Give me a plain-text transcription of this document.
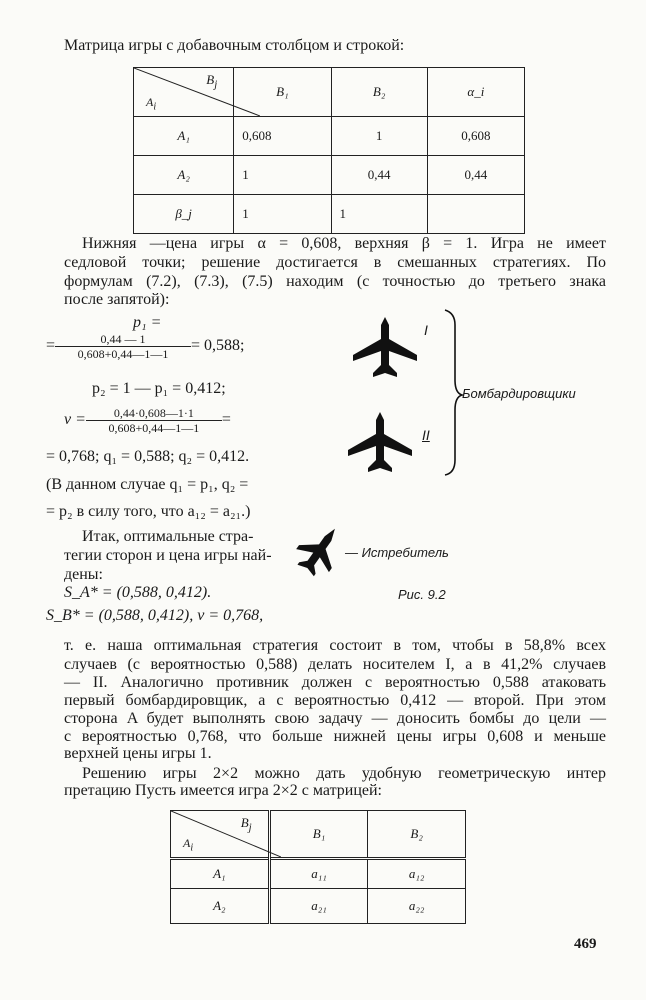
Матрица игры с добавочным столбцом и строкой:
$B_j$
$A_i$	B₁	B₂	α_i
A₁	0,608	1	0,608
A₂	1	0,44	0,44
β_j	1	1	
Нижняя —цена игры α = 0,608, верхняя β = 1. Игра не имеет
седловой точки; решение достигается в смешанных стратегиях. По
формулам (7.2), (7.3), (7.5) находим (с точностью до третьего знака
после запятой):
p₁ =
= $\frac{0,44 — 1}{0,608+0,44—1—1} = 0,588$;
p₂ = 1 — p₁ = 0,412;
$v = \frac{0,44\cdot 0,608—1\cdot 1}{0,608+0,44—1—1}$ =
= 0,768; q₁ = 0,588; q₂ = 0,412.
(В данном случае q₁ = p₁, q₂ =
= p₂ в силу того, что a₁₂ = a₂₁.)
Итак, оптимальные стра-
тегии сторон и цена игры най-
дены:
S_A* = (0,588, 0,412).
S_B* = (0,588, 0,412), v = 0,768,
I
II
Бомбардировщики
— Истребитель
Рис. 9.2
т. е. наша оптимальная стратегия состоит в том, чтобы в 58,8% всех
случаев (с вероятностью 0,588) делать носителем I, а в 41,2% случаев
— II. Аналогично противник должен с вероятностью 0,588 атаковать
первый бомбардировщик, а с вероятностью 0,412 — второй. При этом
сторона A будет выполнять свою задачу — доносить бомбы до цели —
с вероятностью 0,768, что больше нижней цены игры 0,608 и меньше
верхней цены игры 1.
Решению игры 2×2 можно дать удобную геометрическую интер
претацию Пусть имеется игра 2×2 с матрицей:
$B_j$
$A_i$	B₁	B₂
A₁	a₁₁	a₁₂
A₂	a₂₁	a₂₂
469
